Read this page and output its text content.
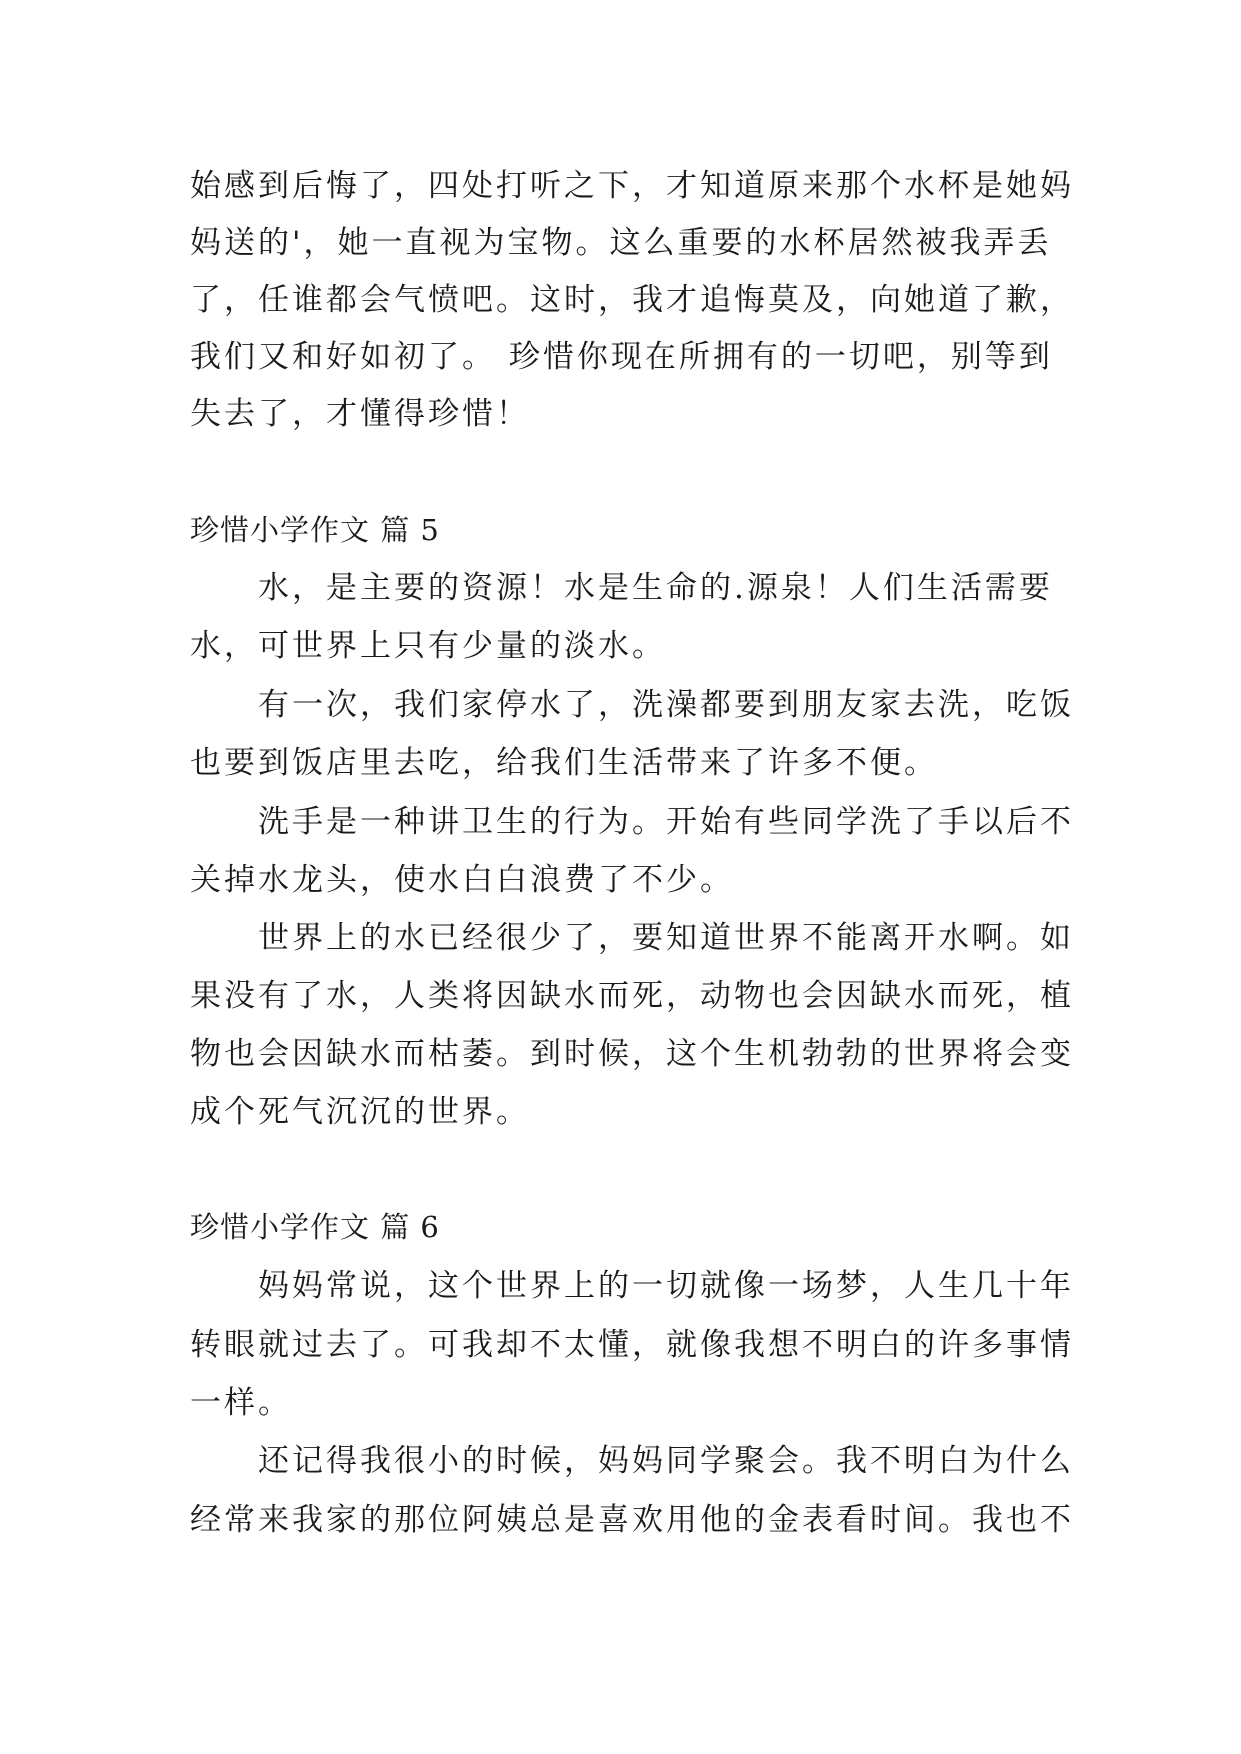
始感到后悔了，四处打听之下，才知道原来那个水杯是她妈
妈送的'，她一直视为宝物。这么重要的水杯居然被我弄丢
了，任谁都会气愤吧。这时，我才追悔莫及，向她道了歉，
我们又和好如初了。 珍惜你现在所拥有的一切吧，别等到
失去了，才懂得珍惜！
珍惜小学作文 篇 5
　　水，是主要的资源！水是生命的.源泉！人们生活需要
水，可世界上只有少量的淡水。
　　有一次，我们家停水了，洗澡都要到朋友家去洗，吃饭
也要到饭店里去吃，给我们生活带来了许多不便。
　　洗手是一种讲卫生的行为。开始有些同学洗了手以后不
关掉水龙头，使水白白浪费了不少。
　　世界上的水已经很少了，要知道世界不能离开水啊。如
果没有了水，人类将因缺水而死，动物也会因缺水而死，植
物也会因缺水而枯萎。到时候，这个生机勃勃的世界将会变
成个死气沉沉的世界。
珍惜小学作文 篇 6
　　妈妈常说，这个世界上的一切就像一场梦，人生几十年
转眼就过去了。可我却不太懂，就像我想不明白的许多事情
一样。
　　还记得我很小的时候，妈妈同学聚会。我不明白为什么
经常来我家的那位阿姨总是喜欢用他的金表看时间。我也不
